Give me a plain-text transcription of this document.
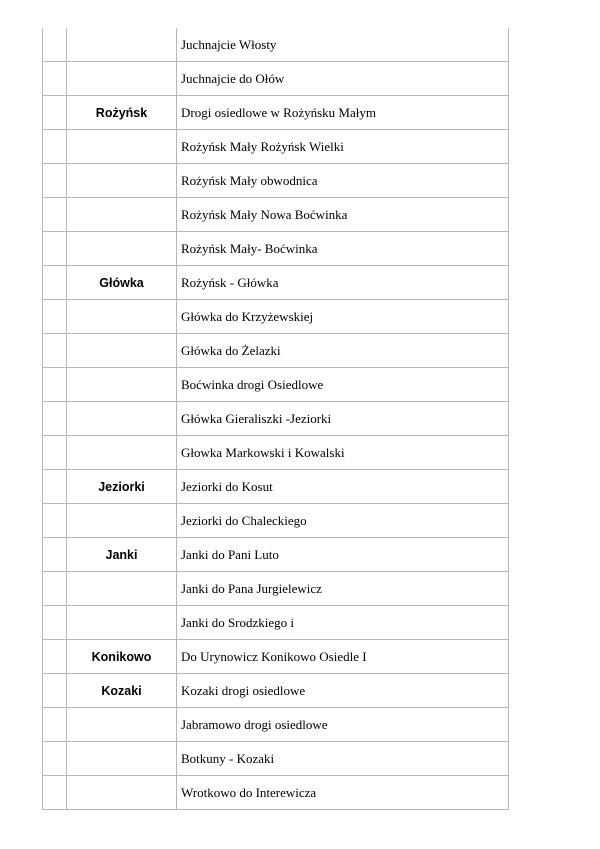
		Juchnajcie Włosty
		Juchnajcie do Ołów
	Rożyńsk	Drogi osiedlowe w Rożyńsku Małym
		Rożyńsk Mały Rożyńsk Wielki
		Rożyńsk Mały obwodnica
		Rożyńsk Mały Nowa Boćwinka
		Rożyńsk Mały- Boćwinka
	Główka	Rożyńsk - Główka
		Główka do Krzyżewskiej
		Główka do Żelazki
		Boćwinka drogi Osiedlowe
		Główka Gieraliszki -Jeziorki
		Głowka Markowski i Kowalski
	Jeziorki	Jeziorki do Kosut
		Jeziorki do Chaleckiego
	Janki	Janki do Pani Luto
		Janki do Pana Jurgielewicz
		Janki do Srodzkiego i
	Konikowo	Do Urynowicz Konikowo Osiedle I
	Kozaki	Kozaki drogi osiedlowe
		Jabramowo drogi osiedlowe
		Botkuny - Kozaki
		Wrotkowo do Interewicza
